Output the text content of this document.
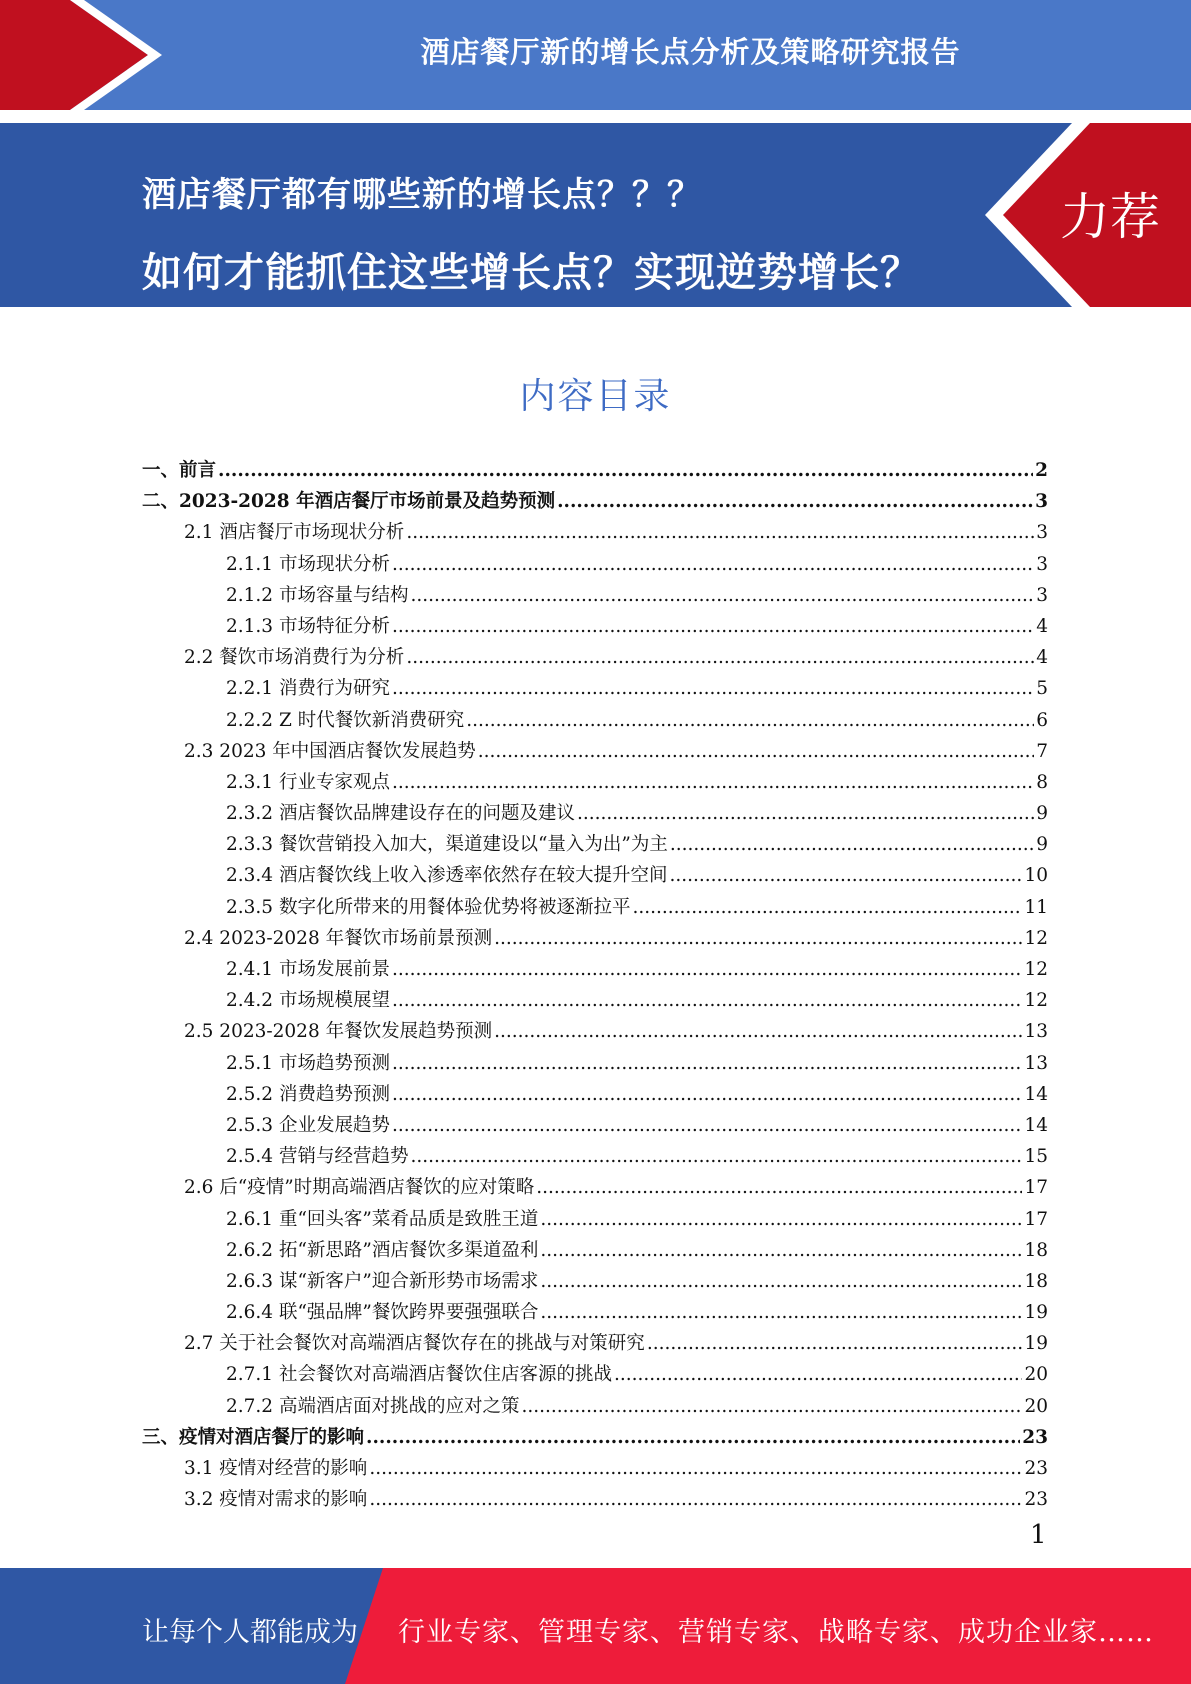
酒店餐厅新的增长点分析及策略研究报告
酒店餐厅都有哪些新的增长点？？？
如何才能抓住这些增长点？实现逆势增长？
力荐
内容目录
一、前言 .....	2
二、2023-2028 年酒店餐厅市场前景及趋势预测 .....	3
2.1 酒店餐厅市场现状分析 .....	3
2.1.1 市场现状分析 .....	3
2.1.2 市场容量与结构 .....	3
2.1.3 市场特征分析 .....	4
2.2 餐饮市场消费行为分析 .....	4
2.2.1 消费行为研究 .....	5
2.2.2 Z 时代餐饮新消费研究 .....	6
2.3 2023 年中国酒店餐饮发展趋势 .....	7
2.3.1 行业专家观点 .....	8
2.3.2 酒店餐饮品牌建设存在的问题及建议 .....	9
2.3.3 餐饮营销投入加大，渠道建设以“量入为出”为主 .....	9
2.3.4 酒店餐饮线上收入渗透率依然存在较大提升空间 .....	10
2.3.5 数字化所带来的用餐体验优势将被逐渐拉平 .....	11
2.4 2023-2028 年餐饮市场前景预测 .....	12
2.4.1 市场发展前景 .....	12
2.4.2 市场规模展望 .....	12
2.5 2023-2028 年餐饮发展趋势预测 .....	13
2.5.1 市场趋势预测 .....	13
2.5.2 消费趋势预测 .....	14
2.5.3 企业发展趋势 .....	14
2.5.4 营销与经营趋势 .....	15
2.6 后“疫情”时期高端酒店餐饮的应对策略 .....	17
2.6.1 重“回头客”菜肴品质是致胜王道 .....	17
2.6.2 拓“新思路”酒店餐饮多渠道盈利 .....	18
2.6.3 谋“新客户”迎合新形势市场需求 .....	18
2.6.4 联“强品牌”餐饮跨界要强强联合 .....	19
2.7 关于社会餐饮对高端酒店餐饮存在的挑战与对策研究 .....	19
2.7.1 社会餐饮对高端酒店餐饮住店客源的挑战 .....	20
2.7.2 高端酒店面对挑战的应对之策 .....	20
三、疫情对酒店餐厅的影响 .....	23
3.1 疫情对经营的影响 .....	23
3.2 疫情对需求的影响 .....	23
1
让每个人都能成为 行业专家、管理专家、营销专家、战略专家、成功企业家……
